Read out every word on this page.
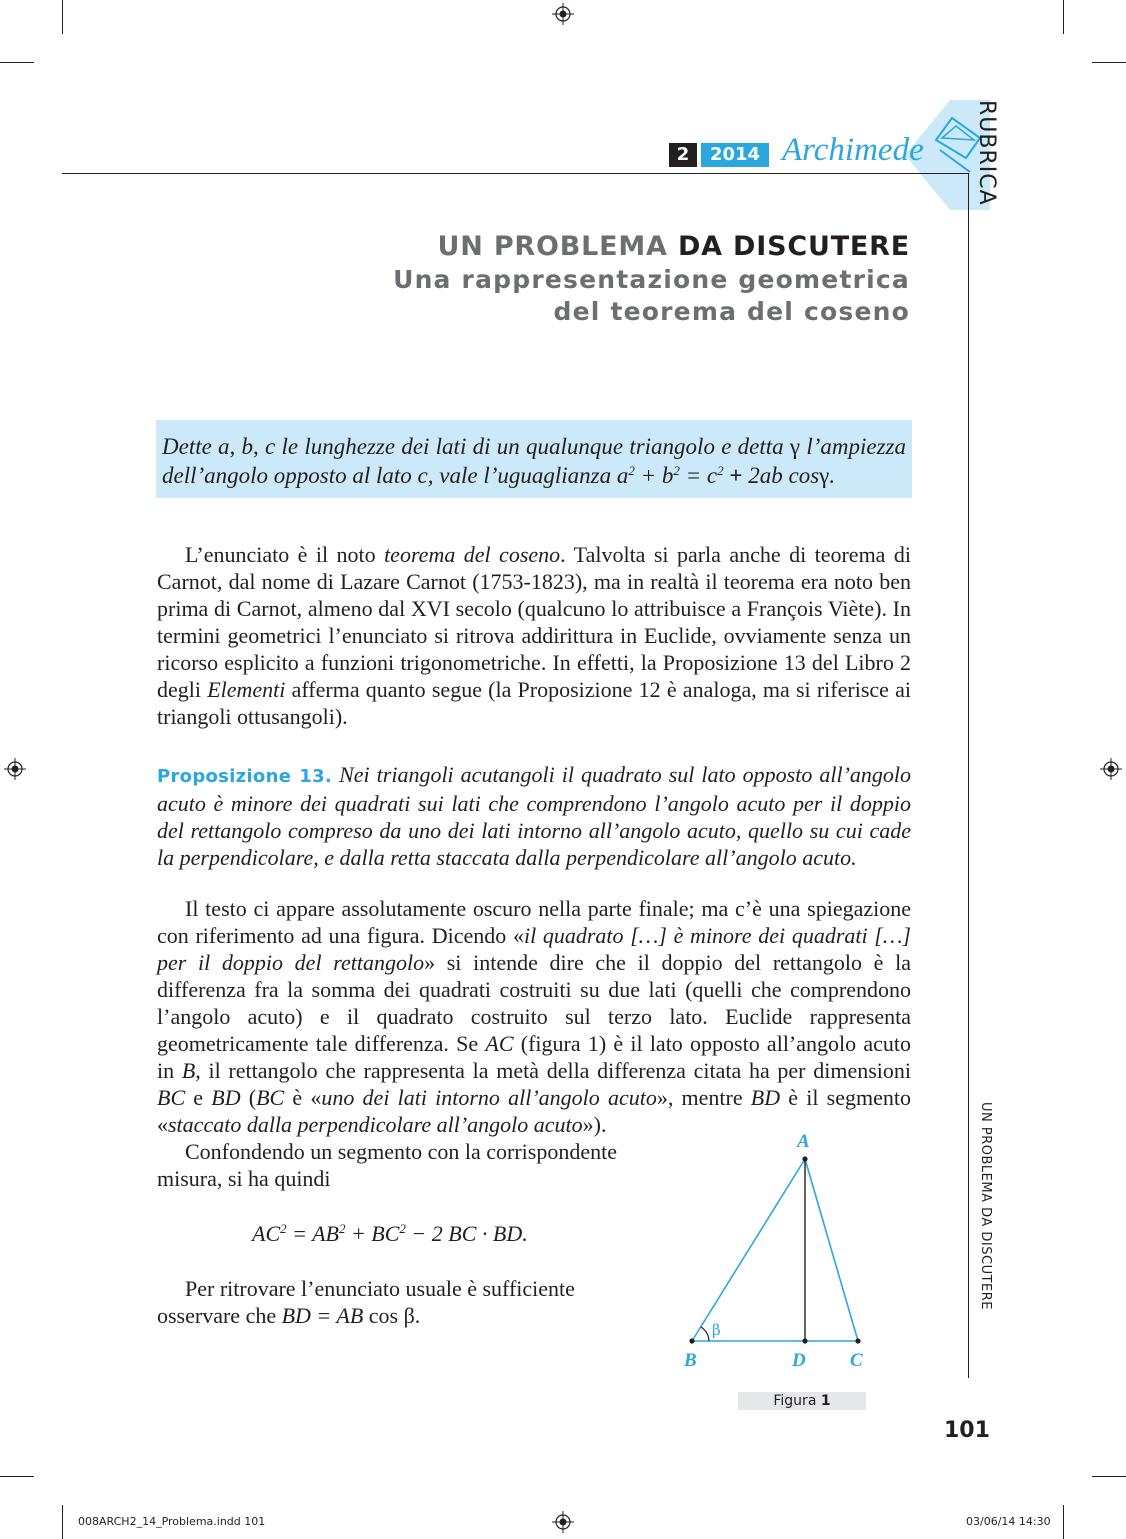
2	2014 Archimede RUBRICA
UN PROBLEMA DA DISCUTERE
Una rappresentazione geometrica
del teorema del coseno
Dette a, b, c le lunghezze dei lati di un qualunque triangolo e detta γ l’ampiezza dell’angolo opposto al lato c, vale l’uguaglianza $a^2 + b^2 = c^2 + 2ab$ cosγ.

L’enunciato è il noto teorema del coseno. Talvolta si parla anche di teorema di Carnot, dal nome di Lazare Carnot (1753-1823), ma in realtà il teorema era noto ben prima di Carnot, almeno dal XVI secolo (qualcuno lo attribuisce a François Viète). In termini geometrici l’enunciato si ritrova addirittura in Euclide, ovviamente senza un ricorso esplicito a funzioni trigonometriche. In effetti, la Proposizione 13 del Libro 2 degli Elementi afferma quanto segue (la Proposizione 12 è analoga, ma si riferisce ai triangoli ottusangoli).

Proposizione 13. Nei triangoli acutangoli il quadrato sul lato opposto all’angolo acuto è minore dei quadrati sui lati che comprendono l’angolo acuto per il doppio del rettangolo compreso da uno dei lati intorno all’angolo acuto, quello su cui cade la perpendicolare, e dalla retta staccata dalla perpendicolare all’angolo acuto.

Il testo ci appare assolutamente oscuro nella parte finale; ma c’è una spiegazione con riferimento ad una figura. Dicendo «il quadrato […] è minore dei quadrati […] per il doppio del rettangolo» si intende dire che il doppio del rettangolo è la differenza fra la somma dei quadrati costruiti su due lati (quelli che comprendono l’angolo acuto) e il quadrato costruito sul terzo lato. Euclide rappresenta geometricamente tale differenza. Se AC (figura 1) è il lato opposto all’angolo acuto in B, il rettangolo che rappresenta la metà della differenza citata ha per dimensioni BC e BD (BC è «uno dei lati intorno all’angolo acuto», mentre BD è il segmento «staccato dalla perpendicolare all’angolo acuto»).

Confondendo un segmento con la corrispondente misura, si ha quindi

$AC^2 = AB^2 + BC^2 - 2$ BC · BD.

Per ritrovare l’enunciato usuale è sufficiente osservare che BD = AB cos β.

A
B	D C
β
Figura 1
UN PROBLEMA DA DISCUTERE
101
008ARCH2_14_Problema.indd 101	03/06/14 14:30
